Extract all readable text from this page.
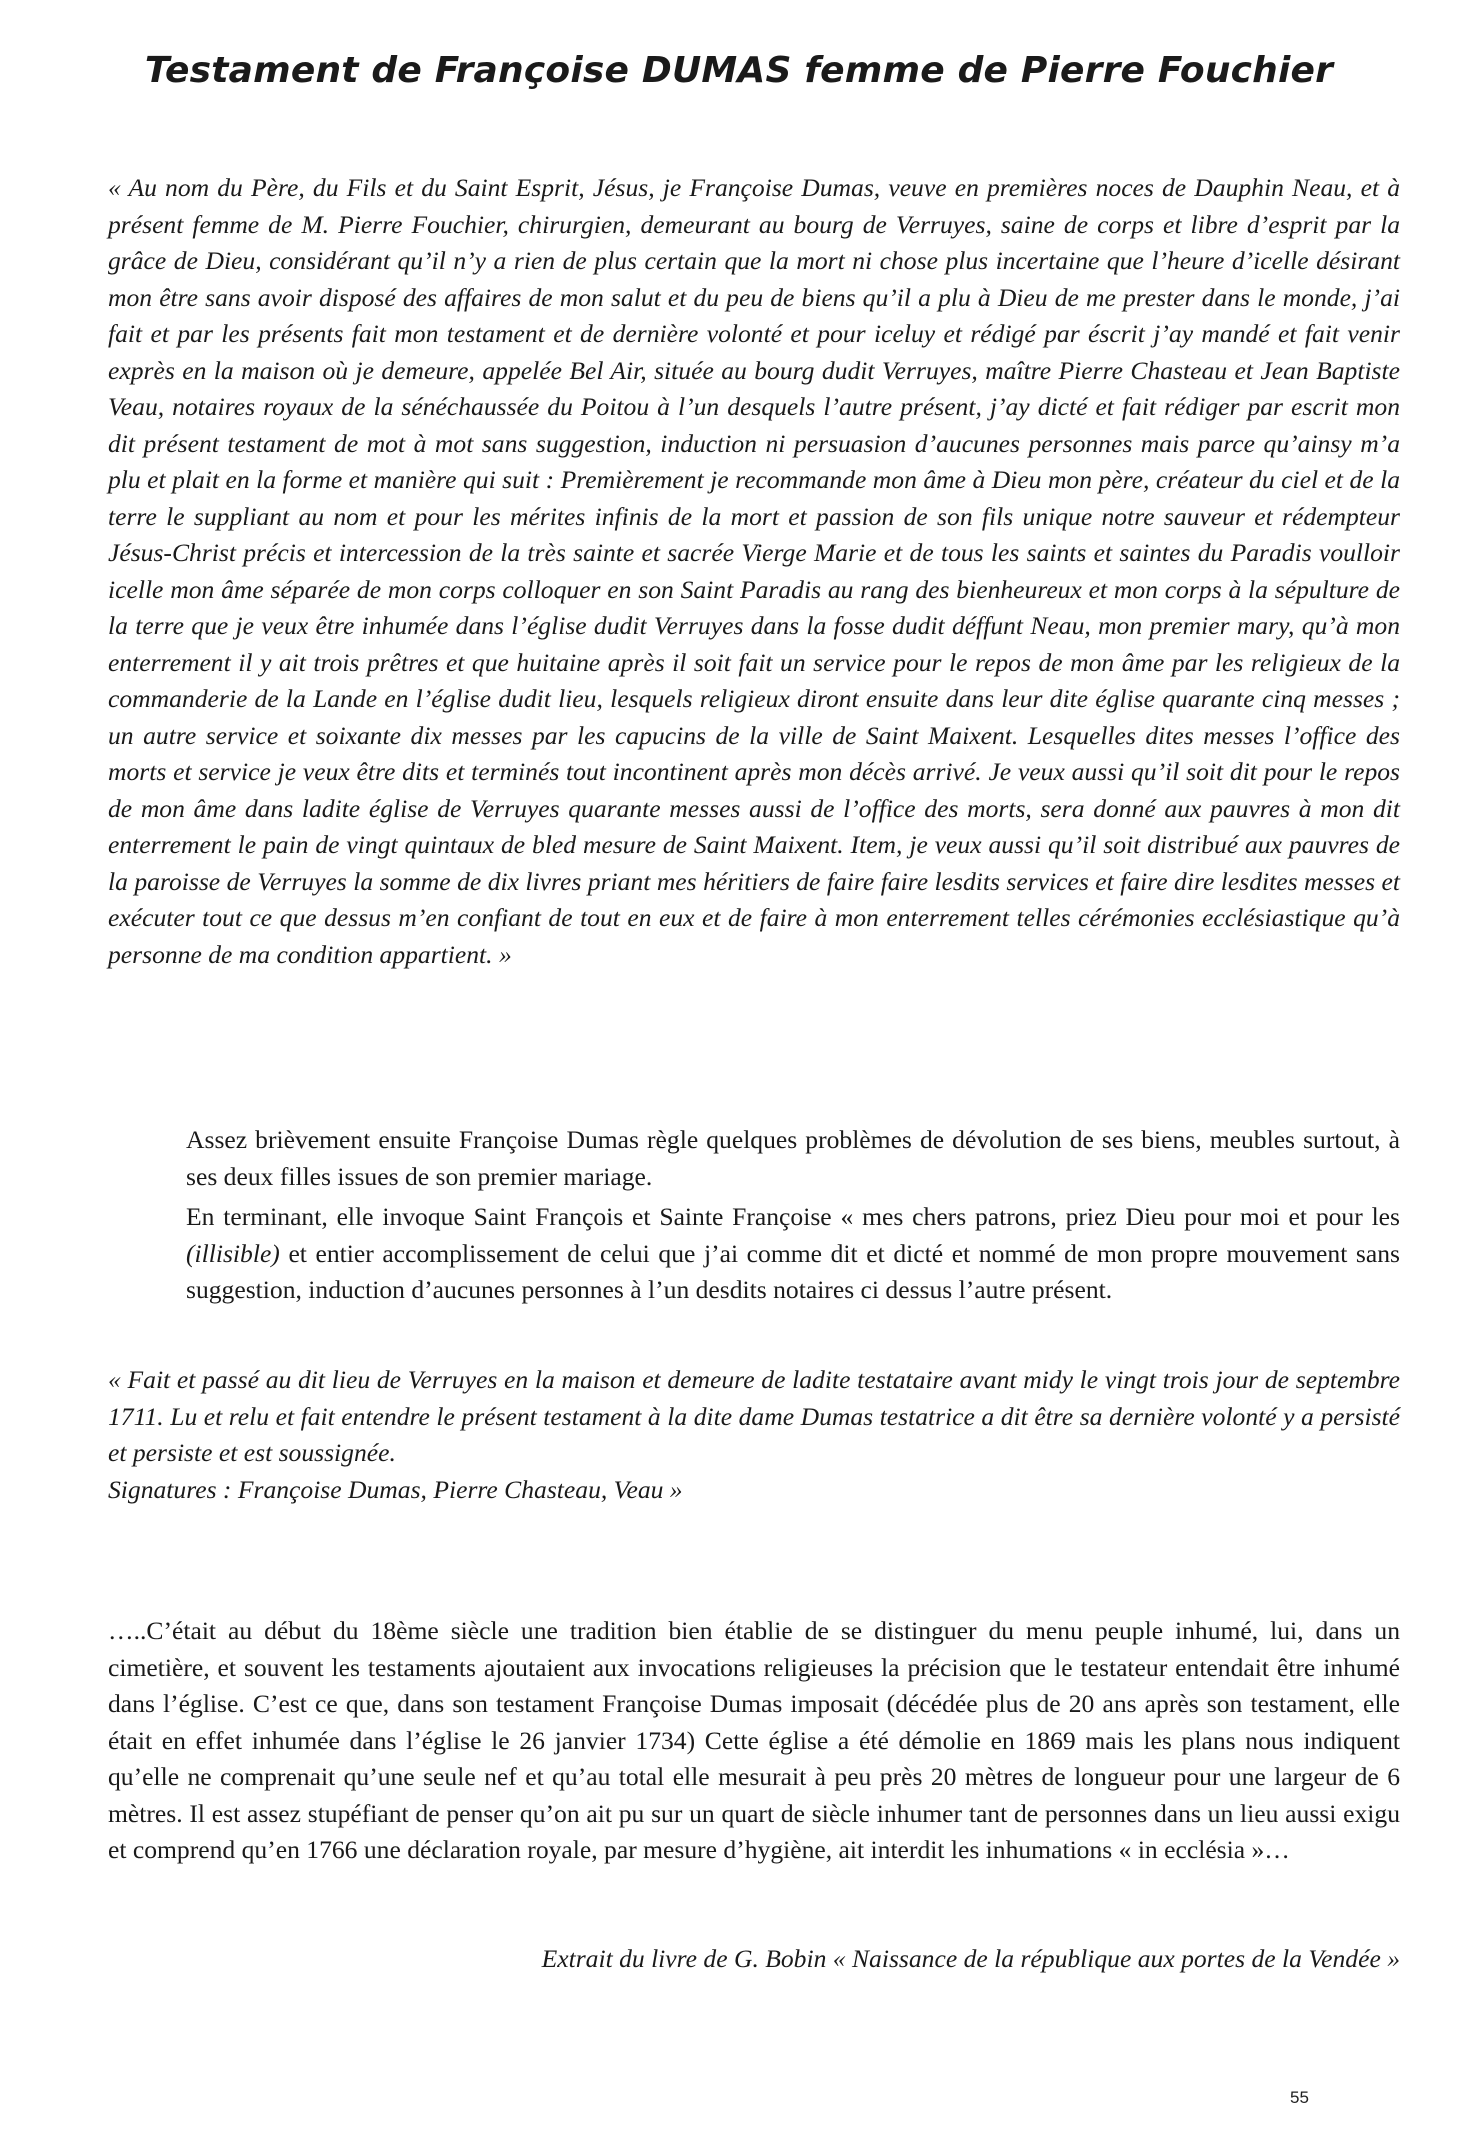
Testament de Françoise DUMAS femme de Pierre Fouchier

« Au nom du Père, du Fils et du Saint Esprit, Jésus, je Françoise Dumas, veuve en premières noces de Dauphin Neau, et à présent femme de M. Pierre Fouchier, chirurgien, demeurant au bourg de Verruyes, saine de corps et libre d’esprit par la grâce de Dieu, considérant qu’il n’y a rien de plus certain que la mort ni chose plus incertaine que l’heure d’icelle désirant mon être sans avoir disposé des affaires de mon salut et du peu de biens qu’il a plu à Dieu de me prester dans le monde, j’ai fait et par les présents fait mon testament et de dernière volonté et pour iceluy et rédigé par éscrit j’ay mandé et fait venir exprès en la maison où je demeure, appelée Bel Air, située au bourg dudit Verruyes, maître Pierre Chasteau et Jean Baptiste Veau, notaires royaux de la sénéchaussée du Poitou à l’un desquels l’autre présent, j’ay dicté et fait rédiger par escrit mon dit présent testament de mot à mot sans suggestion, induction ni persuasion d’aucunes personnes mais parce qu’ainsy m’a plu et plait en la forme et manière qui suit : Premièrement je recommande mon âme à Dieu mon père, créateur du ciel et de la terre le suppliant au nom et pour les mérites infinis de la mort et passion de son fils unique notre sauveur et rédempteur Jésus-Christ précis et intercession de la très sainte et sacrée Vierge Marie et de tous les saints et saintes du Paradis voulloir icelle mon âme séparée de mon corps colloquer en son Saint Paradis au rang des bienheureux et mon corps à la sépulture de la terre que je veux être inhumée dans l’église dudit Verruyes dans la fosse dudit déffunt Neau, mon premier mary, qu’à mon enterrement il y ait trois prêtres et que huitaine après il soit fait un service pour le repos de mon âme par les religieux de la commanderie de la Lande en l’église dudit lieu, lesquels religieux diront ensuite dans leur dite église quarante cinq messes ; un autre service et soixante dix messes par les capucins de la ville de Saint Maixent. Lesquelles dites messes l’office des morts et service je veux être dits et terminés tout incontinent après mon décès arrivé. Je veux aussi qu’il soit dit pour le repos de mon âme dans ladite église de Verruyes quarante messes aussi de l’office des morts, sera donné aux pauvres à mon dit enterrement le pain de vingt quintaux de bled mesure de Saint Maixent. Item, je veux aussi qu’il soit distribué aux pauvres de la paroisse de Verruyes la somme de dix livres priant mes héritiers de faire faire lesdits services et faire dire lesdites messes et exécuter tout ce que dessus m’en confiant de tout en eux et de faire à mon enterrement telles cérémonies ecclésiastique qu’à personne de ma condition appartient. »

Assez brièvement ensuite Françoise Dumas règle quelques problèmes de dévolution de ses biens, meubles surtout, à ses deux filles issues de son premier mariage.

En terminant, elle invoque Saint François et Sainte Françoise « mes chers patrons, priez Dieu pour moi et pour les (illisible) et entier accomplissement de celui que j’ai comme dit et dicté et nommé de mon propre mouvement sans suggestion, induction d’aucunes personnes à l’un desdits notaires ci dessus l’autre présent.

« Fait et passé au dit lieu de Verruyes en la maison et demeure de ladite testataire avant midy le vingt trois jour de septembre 1711. Lu et relu et fait entendre le présent testament à la dite dame Dumas testatrice a dit être sa dernière volonté y a persisté et persiste et est soussignée.

Signatures : Françoise Dumas, Pierre Chasteau, Veau »

…..C’était au début du 18ème siècle une tradition bien établie de se distinguer du menu peuple inhumé, lui, dans un cimetière, et souvent les testaments ajoutaient aux invocations religieuses la précision que le testateur entendait être inhumé dans l’église. C’est ce que, dans son testament Françoise Dumas imposait (décédée plus de 20 ans après son testament, elle était en effet inhumée dans l’église le 26 janvier 1734) Cette église a été démolie en 1869 mais les plans nous indiquent qu’elle ne comprenait qu’une seule nef et qu’au total elle mesurait à peu près 20 mètres de longueur pour une largeur de 6 mètres. Il est assez stupéfiant de penser qu’on ait pu sur un quart de siècle inhumer tant de personnes dans un lieu aussi exigu et comprend qu’en 1766 une déclaration royale, par mesure d’hygiène, ait interdit les inhumations « in ecclésia »…

Extrait du livre de G. Bobin « Naissance de la république aux portes de la Vendée »
55
